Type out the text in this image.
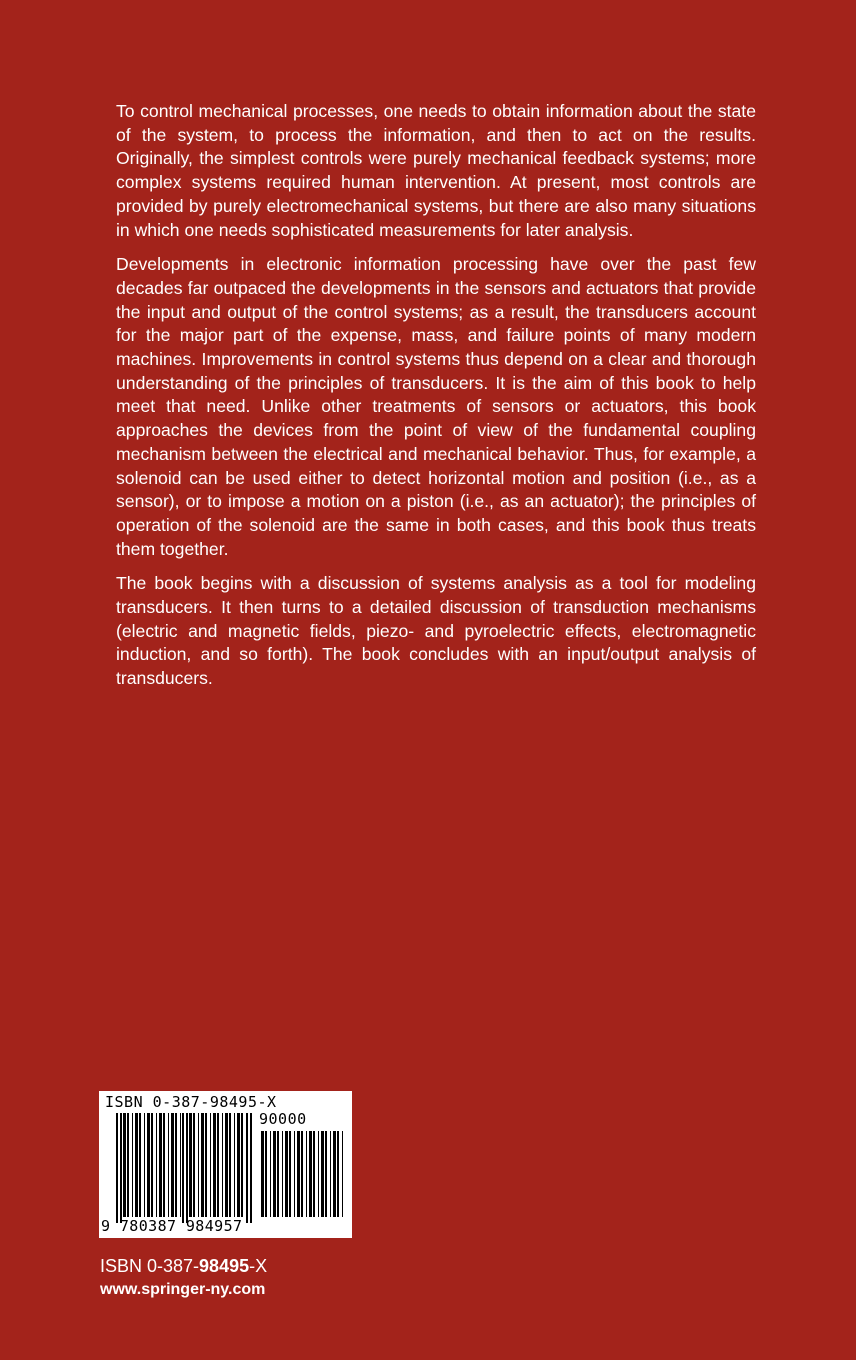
To control mechanical processes, one needs to obtain information about the state of the system, to process the information, and then to act on the results. Originally, the simplest controls were purely mechanical feedback systems; more complex systems required human intervention. At present, most controls are provided by purely electromechanical systems, but there are also many situations in which one needs sophisticated measurements for later analysis.

Developments in electronic information processing have over the past few decades far outpaced the developments in the sensors and actuators that provide the input and output of the control systems; as a result, the transducers account for the major part of the expense, mass, and failure points of many modern machines. Improvements in control systems thus depend on a clear and thorough understanding of the principles of transducers. It is the aim of this book to help meet that need. Unlike other treatments of sensors or actuators, this book approaches the devices from the point of view of the fundamental coupling mechanism between the electrical and mechanical behavior. Thus, for example, a solenoid can be used either to detect horizontal motion and position (i.e., as a sensor), or to impose a motion on a piston (i.e., as an actuator); the principles of operation of the solenoid are the same in both cases, and this book thus treats them together.

The book begins with a discussion of systems analysis as a tool for modeling transducers. It then turns to a detailed discussion of transduction mechanisms (electric and magnetic fields, piezo- and pyroelectric effects, electromagnetic induction, and so forth). The book concludes with an input/output analysis of transducers.

ISBN 0-387-98495-X
90000
9 780387 984957
ISBN 0-387-98495-X
www.springer-ny.com
